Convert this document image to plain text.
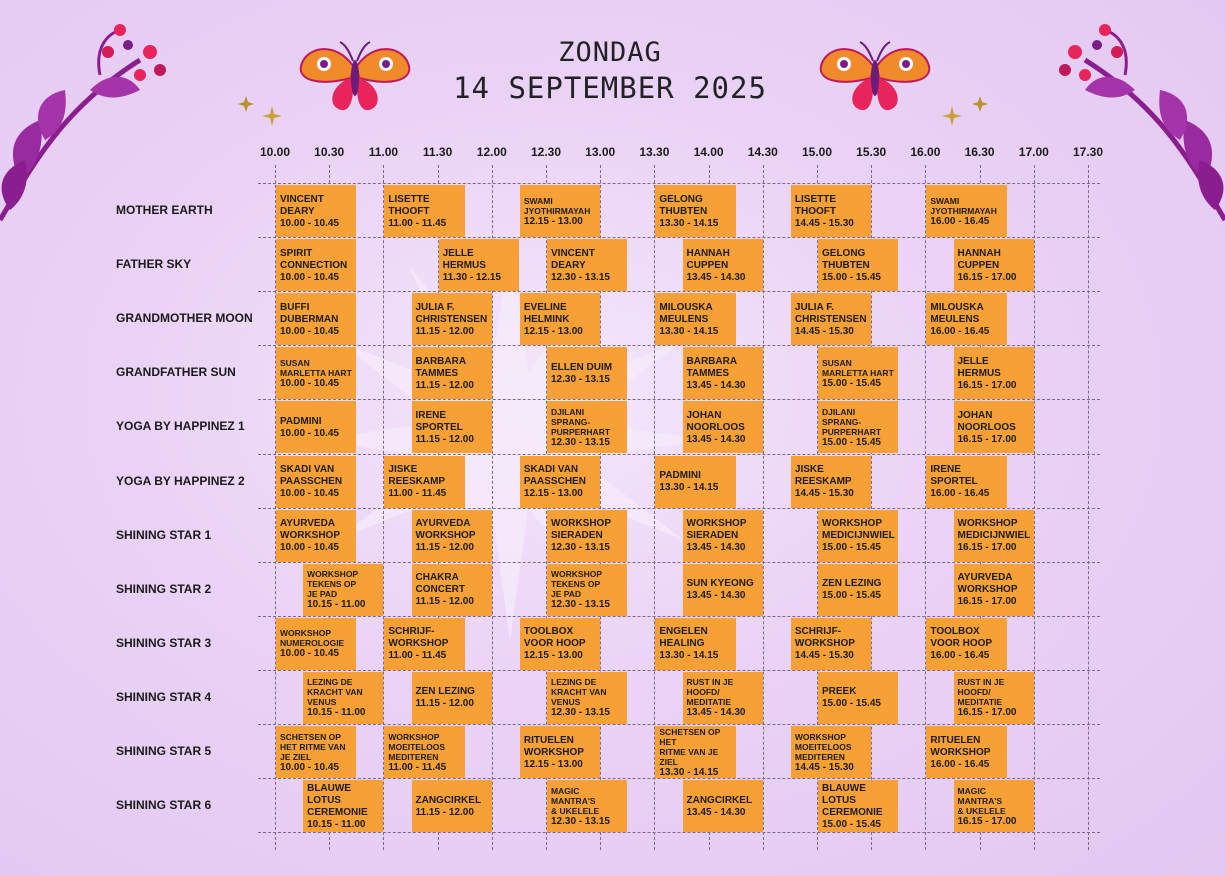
ZONDAG
14 SEPTEMBER 2025
10.00	10.30	11.00	11.30	12.00	12.30	13.00	13.30	14.00	14.30	15.00	15.30	16.00	16.30	17.00	17.30
MOTHER EARTH
VINCENT
DEARY
10.00 - 10.45
LISETTE
THOOFT
11.00 - 11.45
SWAMI
JYOTHIRMAYAH
12.15 - 13.00
GELONG
THUBTEN
13.30 - 14.15
LISETTE
THOOFT
14.45 - 15.30
SWAMI
JYOTHIRMAYAH
16.00 - 16.45
FATHER SKY
SPIRIT
CONNECTION
10.00 - 10.45
JELLE HERMUS
11.30 - 12.15
VINCENT
DEARY
12.30 - 13.15
HANNAH
CUPPEN
13.45 - 14.30
GELONG
THUBTEN
15.00 - 15.45
HANNAH
CUPPEN
16.15 - 17.00
GRANDMOTHER MOON
BUFFI
DUBERMAN
10.00 - 10.45
JULIA F.
CHRISTENSEN
11.15 - 12.00
EVELINE
HELMINK
12.15 - 13.00
MILOUSKA
MEULENS
13.30 - 14.15
JULIA F.
CHRISTENSEN
14.45 - 15.30
MILOUSKA
MEULENS
16.00 - 16.45
GRANDFATHER SUN
SUSAN
MARLETTA HART
10.00 - 10.45
BARBARA
TAMMES
11.15 - 12.00
ELLEN DUIM
12.30 - 13.15
BARBARA
TAMMES
13.45 - 14.30
SUSAN
MARLETTA HART
15.00 - 15.45
JELLE HERMUS
16.15 - 17.00
YOGA BY HAPPINEZ 1	PADMINI
10.00 - 10.45
IRENE
SPORTEL
11.15 - 12.00
DJILANI
SPRANG-
PURPERHART
12.30 - 13.15
JOHAN
NOORLOOS
13.45 - 14.30
DJILANI
SPRANG-
PURPERHART
15.00 - 15.45
JOHAN
NOORLOOS
16.15 - 17.00
YOGA BY HAPPINEZ 2
SKADI VAN
PAASSCHEN
10.00 - 10.45
JISKE
REESKAMP
11.00 - 11.45
SKADI VAN
PAASSCHEN
12.15 - 13.00
PADMINI
13.30 - 14.15
JISKE
REESKAMP
14.45 - 15.30
IRENE
SPORTEL
16.00 - 16.45
SHINING STAR 1
AYURVEDA
WORKSHOP
10.00 - 10.45
AYURVEDA
WORKSHOP
11.15 - 12.00
WORKSHOP
SIERADEN
12.30 - 13.15
WORKSHOP
SIERADEN
13.45 - 14.30
WORKSHOP
MEDICIJNWIEL
15.00 - 15.45
WORKSHOP
MEDICIJNWIEL
16.15 - 17.00
SHINING STAR 2
WORKSHOP
TEKENS OP
JE PAD
10.15 - 11.00
CHAKRA
CONCERT
11.15 - 12.00
WORKSHOP
TEKENS OP
JE PAD
12.30 - 13.15
SUN KYEONG
13.45 - 14.30
ZEN LEZING
15.00 - 15.45
AYURVEDA
WORKSHOP
16.15 - 17.00
SHINING STAR 3
WORKSHOP
NUMEROLOGIE
10.00 - 10.45
SCHRIJF-
WORKSHOP
11.00 - 11.45
TOOLBOX
VOOR HOOP
12.15 - 13.00
ENGELEN
HEALING
13.30 - 14.15
SCHRIJF-
WORKSHOP
14.45 - 15.30
TOOLBOX
VOOR HOOP
16.00 - 16.45
SHINING STAR 4
LEZING DE
KRACHT VAN
VENUS
10.15 - 11.00
ZEN LEZING
11.15 - 12.00
LEZING DE
KRACHT VAN
VENUS
12.30 - 13.15
RUST IN JE
HOOFD/
MEDITATIE
13.45 - 14.30
PREEK
15.00 - 15.45
RUST IN JE
HOOFD/
MEDITATIE
16.15 - 17.00
SHINING STAR 5
SCHETSEN OP
HET RITME VAN
JE ZIEL
10.00 - 10.45
WORKSHOP
MOEITELOOS
MEDITEREN
11.00 - 11.45
RITUELEN
WORKSHOP
12.15 - 13.00
SCHETSEN OP HET
RITME VAN JE ZIEL
13.30 - 14.15
WORKSHOP
MOEITELOOS
MEDITEREN
14.45 - 15.30
RITUELEN
WORKSHOP
16.00 - 16.45
SHINING STAR 6
BLAUWE LOTUS
CEREMONIE
10.15 - 11.00
ZANGCIRKEL
11.15 - 12.00
MAGIC
MANTRA'S
& UKELELE
12.30 - 13.15
ZANGCIRKEL
13.45 - 14.30
BLAUWE LOTUS
CEREMONIE
15.00 - 15.45
MAGIC
MANTRA'S
& UKELELE
16.15 - 17.00
